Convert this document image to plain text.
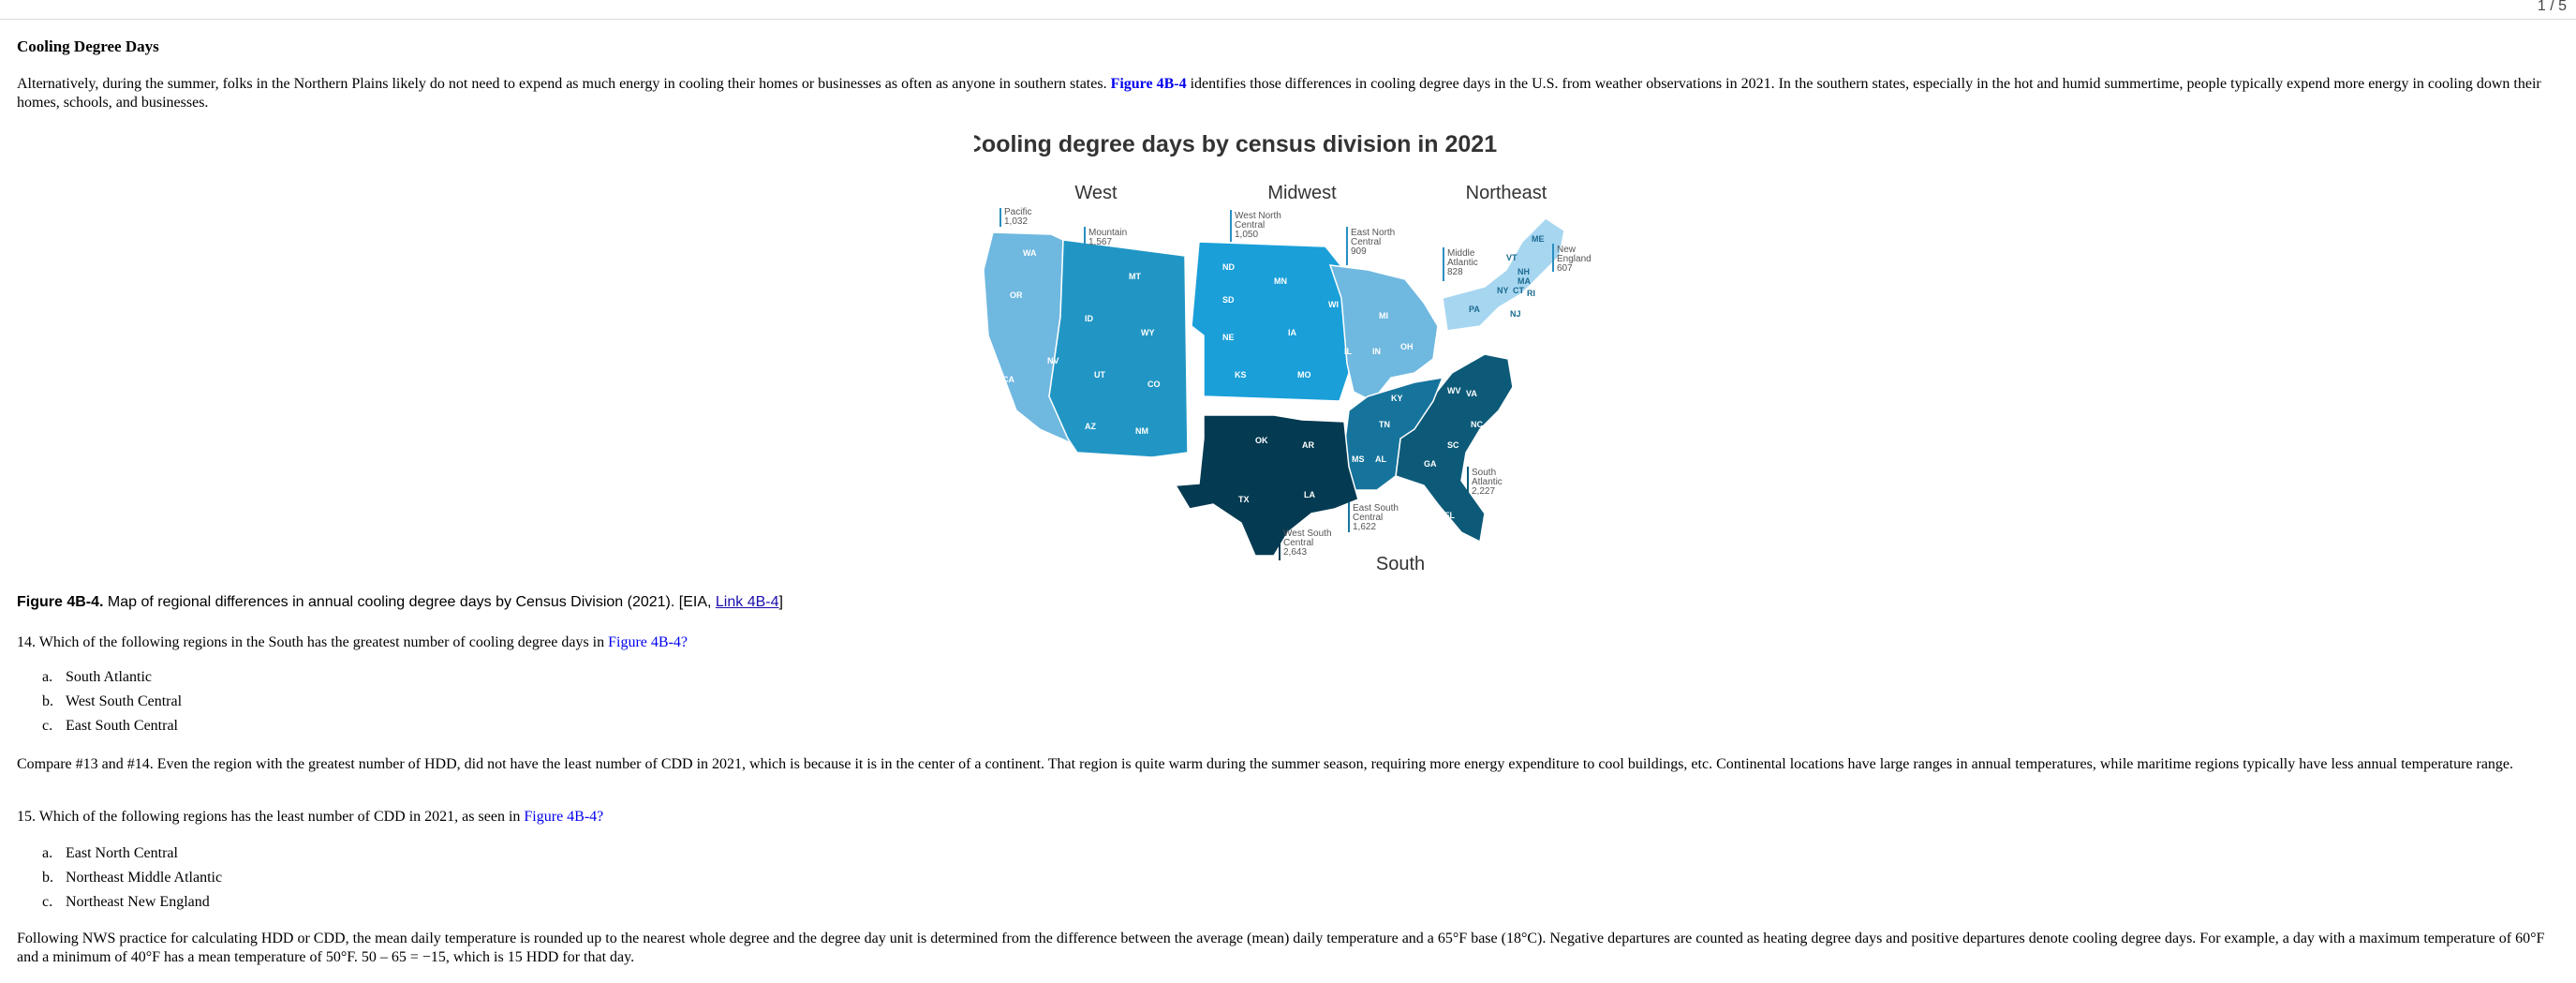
1 / 5
Cooling Degree Days

Alternatively, during the summer, folks in the Northern Plains likely do not need to expend as much energy in cooling their homes or businesses as often as anyone in southern states. Figure 4B-4 identifies those differences in cooling degree days in the U.S. from weather observations in 2021. In the southern states, especially in the hot and humid summertime, people typically expend more energy in cooling down their homes, schools, and businesses.

Cooling degree days by census division in 2021
West	Midwest	Northeast
South
WA
OR
CA
MT
ID
WY
NV
UT
CO
AZ	NM
ND
SD
NE
KS
MN
IA
MO
WI
IL
MI
IN OH
KY
TN
MS AL
OK
TX
AR
LA
ME
VT
NH
MA
NY CT RI
PA	NJ
WV VA
MD
DE
NC
SC
GA
FL
Pacific
1,032
Mountain
1,567
West North
Central
1,050	East North
Central
909	Middle
Atlantic
828
New
England
607
South
Atlantic
2,227
East South
Central
1,622
West South
Central
2,643
Figure 4B-4. Map of regional differences in annual cooling degree days by Census Division (2021). [EIA, Link 4B-4]
14. Which of the following regions in the South has the greatest number of cooling degree days in Figure 4B-4?
a. South Atlantic
b. West South Central
c. East South Central
Compare #13 and #14. Even the region with the greatest number of HDD, did not have the least number of CDD in 2021, which is because it is in the center of a continent. That region is quite warm during the summer season, requiring more energy expenditure to cool buildings, etc. Continental locations have large ranges in annual temperatures, while maritime regions typically have less annual temperature range.
15. Which of the following regions has the least number of CDD in 2021, as seen in Figure 4B-4?
a. East North Central
b. Northeast Middle Atlantic
c. Northeast New England
Following NWS practice for calculating HDD or CDD, the mean daily temperature is rounded up to the nearest whole degree and the degree day unit is determined from the difference between the average (mean) daily temperature and a 65°F base (18°C). Negative departures are counted as heating degree days and positive departures denote cooling degree days. For example, a day with a maximum temperature of 60°F and a minimum of 40°F has a mean temperature of 50°F. 50 – 65 = −15, which is 15 HDD for that day.
